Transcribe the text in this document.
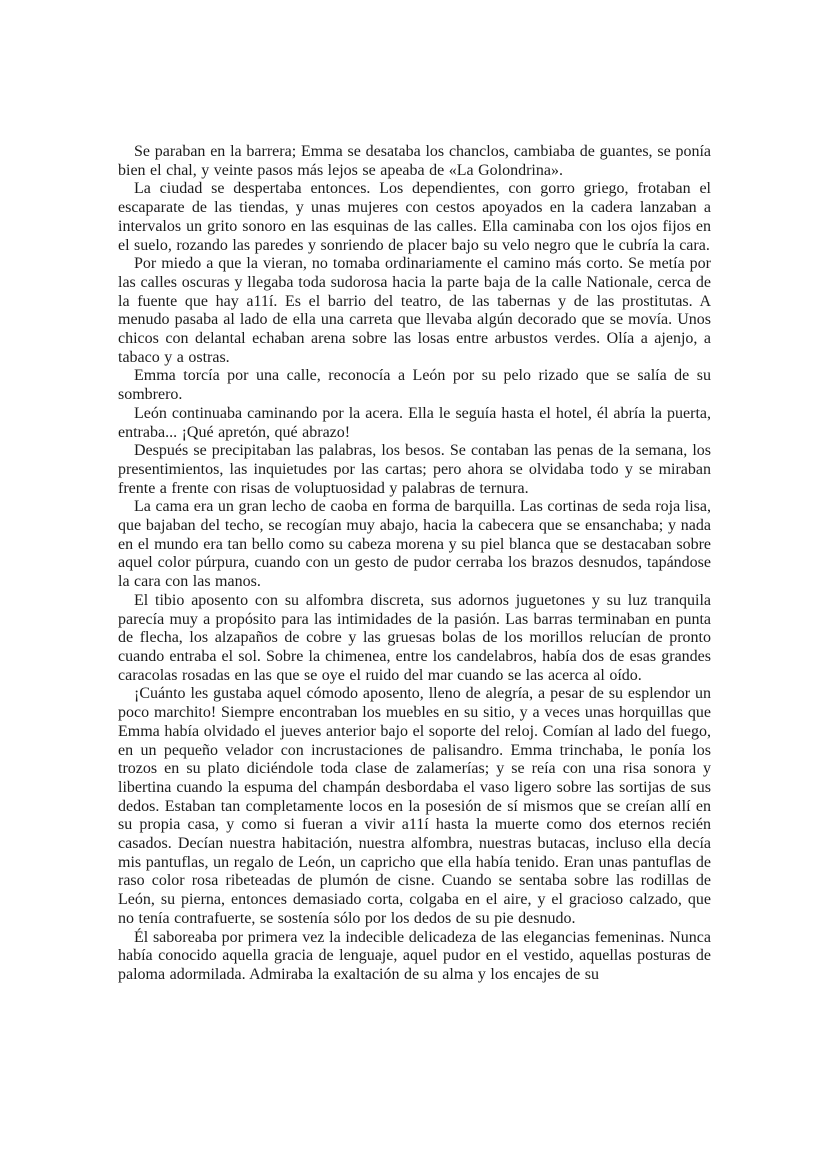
Se paraban en la barrera; Emma se desataba los chanclos, cambiaba de guantes, se ponía bien el chal, y veinte pasos más lejos se apeaba de «La Golondrina».

La ciudad se despertaba entonces. Los dependientes, con gorro griego, frotaban el escaparate de las tiendas, y unas mujeres con cestos apoyados en la cadera lanzaban a intervalos un grito sonoro en las esquinas de las calles. Ella caminaba con los ojos fijos en el suelo, rozando las paredes y sonriendo de placer bajo su velo negro que le cubría la cara.

Por miedo a que la vieran, no tomaba ordinariamente el camino más corto. Se metía por las calles oscuras y llegaba toda sudorosa hacia la parte baja de la calle Nationale, cerca de la fuente que hay a11í. Es el barrio del teatro, de las tabernas y de las prostitutas. A menudo pasaba al lado de ella una carreta que llevaba algún decorado que se movía. Unos chicos con delantal echaban arena sobre las losas entre arbustos verdes. Olía a ajenjo, a tabaco y a ostras.

Emma torcía por una calle, reconocía a León por su pelo rizado que se salía de su sombrero.

León continuaba caminando por la acera. Ella le seguía hasta el hotel, él abría la puerta, entraba... ¡Qué apretón, qué abrazo!

Después se precipitaban las palabras, los besos. Se contaban las penas de la semana, los presentimientos, las inquietudes por las cartas; pero ahora se olvidaba todo y se miraban frente a frente con risas de voluptuosidad y palabras de ternura.

La cama era un gran lecho de caoba en forma de barquilla. Las cortinas de seda roja lisa, que bajaban del techo, se recogían muy abajo, hacia la cabecera que se ensanchaba; y nada en el mundo era tan bello como su cabeza morena y su piel blanca que se destacaban sobre aquel color púrpura, cuando con un gesto de pudor cerraba los brazos desnudos, tapándose la cara con las manos.

El tibio aposento con su alfombra discreta, sus adornos juguetones y su luz tranquila parecía muy a propósito para las intimidades de la pasión. Las barras terminaban en punta de flecha, los alzapaños de cobre y las gruesas bolas de los morillos relucían de pronto cuando entraba el sol. Sobre la chimenea, entre los candelabros, había dos de esas grandes caracolas rosadas en las que se oye el ruido del mar cuando se las acerca al oído.

¡Cuánto les gustaba aquel cómodo aposento, lleno de alegría, a pesar de su esplendor un poco marchito! Siempre encontraban los muebles en su sitio, y a veces unas horquillas que Emma había olvidado el jueves anterior bajo el soporte del reloj. Comían al lado del fuego, en un pequeño velador con incrustaciones de palisandro. Emma trinchaba, le ponía los trozos en su plato diciéndole toda clase de zalamerías; y se reía con una risa sonora y libertina cuando la espuma del champán desbordaba el vaso ligero sobre las sortijas de sus dedos. Estaban tan completamente locos en la posesión de sí mismos que se creían allí en su propia casa, y como si fueran a vivir a11í hasta la muerte como dos eternos recién casados. Decían nuestra habitación, nuestra alfombra, nuestras butacas, incluso ella decía mis pantuflas, un regalo de León, un capricho que ella había tenido. Eran unas pantuflas de raso color rosa ribeteadas de plumón de cisne. Cuando se sentaba sobre las rodillas de León, su pierna, entonces demasiado corta, colgaba en el aire, y el gracioso calzado, que no tenía contrafuerte, se sostenía sólo por los dedos de su pie desnudo.

Él saboreaba por primera vez la indecible delicadeza de las elegancias femeninas. Nunca había conocido aquella gracia de lenguaje, aquel pudor en el vestido, aquellas posturas de paloma adormilada. Admiraba la exaltación de su alma y los encajes de su
